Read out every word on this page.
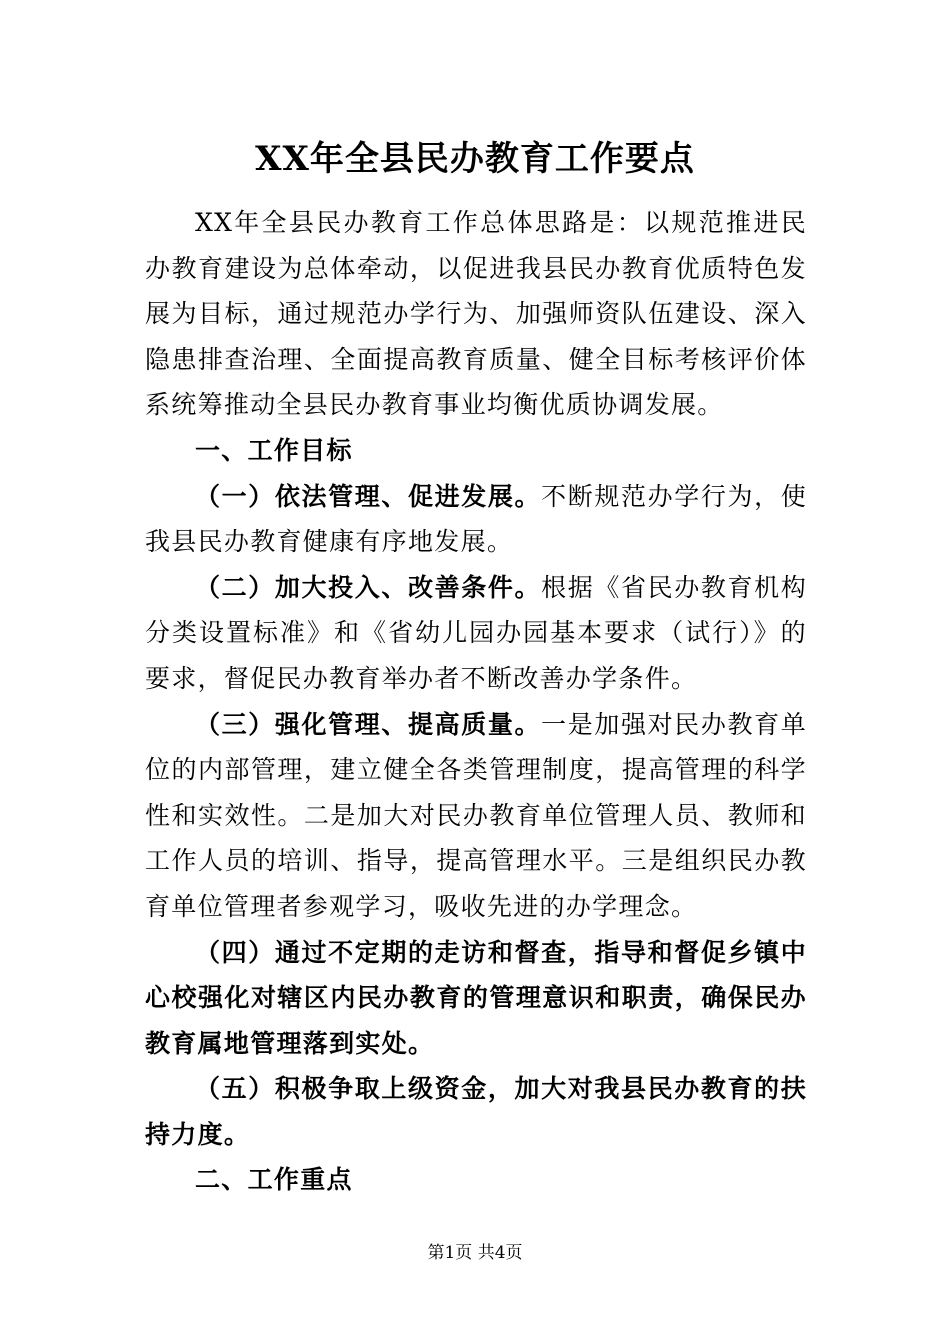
XX年全县民办教育工作要点

XX年全县民办教育工作总体思路是：以规范推进民办教育建设为总体牵动，以促进我县民办教育优质特色发展为目标，通过规范办学行为、加强师资队伍建设、深入隐患排查治理、全面提高教育质量、健全目标考核评价体系统筹推动全县民办教育事业均衡优质协调发展。

一、工作目标

（一）依法管理、促进发展。不断规范办学行为，使我县民办教育健康有序地发展。

（二）加大投入、改善条件。根据《省民办教育机构分类设置标准》和《省幼儿园办园基本要求（试行）》的要求，督促民办教育举办者不断改善办学条件。

（三）强化管理、提高质量。一是加强对民办教育单位的内部管理，建立健全各类管理制度，提高管理的科学性和实效性。二是加大对民办教育单位管理人员、教师和工作人员的培训、指导，提高管理水平。三是组织民办教育单位管理者参观学习，吸收先进的办学理念。

（四）通过不定期的走访和督查，指导和督促乡镇中心校强化对辖区内民办教育的管理意识和职责，确保民办教育属地管理落到实处。

（五）积极争取上级资金，加大对我县民办教育的扶持力度。

二、工作重点

第1页 共4页
